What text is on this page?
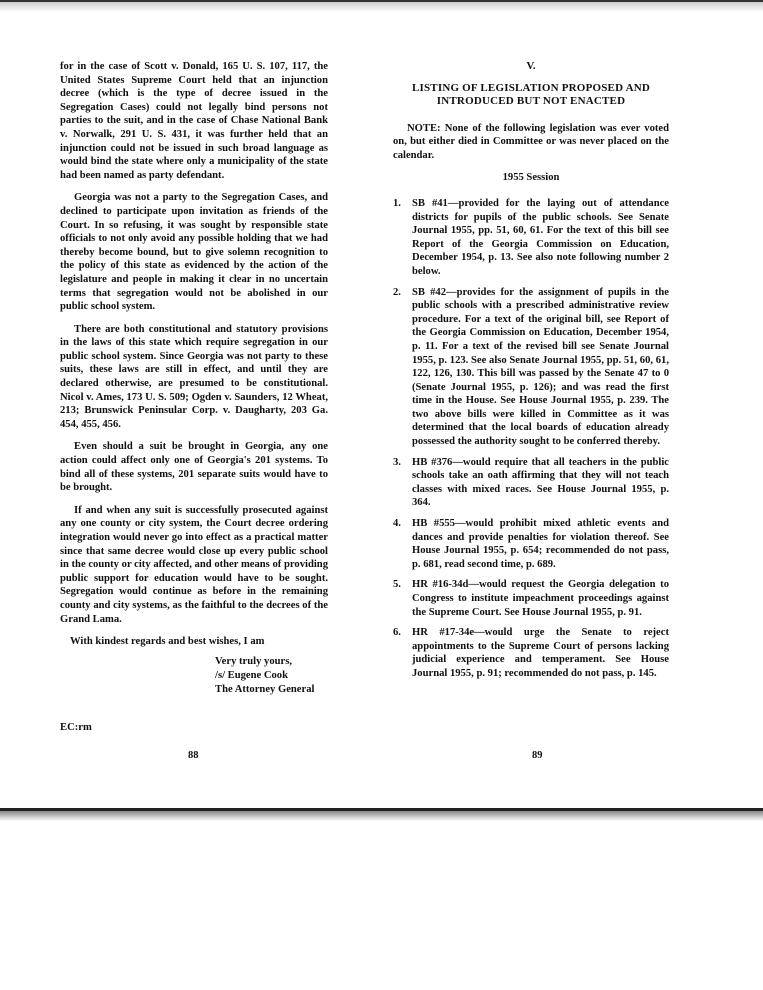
for in the case of Scott v. Donald, 165 U. S. 107, 117, the United States Supreme Court held that an injunction decree (which is the type of decree issued in the Segregation Cases) could not legally bind persons not parties to the suit, and in the case of Chase National Bank v. Norwalk, 291 U. S. 431, it was further held that an injunction could not be issued in such broad language as would bind the state where only a municipality of the state had been named as party defendant.

Georgia was not a party to the Segregation Cases, and declined to participate upon invitation as friends of the Court. In so refusing, it was sought by responsible state officials to not only avoid any possible holding that we had thereby become bound, but to give solemn recognition to the policy of this state as evidenced by the action of the legislature and people in making it clear in no uncertain terms that segregation would not be abolished in our public school system.

There are both constitutional and statutory provisions in the laws of this state which require segregation in our public school system. Since Georgia was not party to these suits, these laws are still in effect, and until they are declared otherwise, are presumed to be constitutional. Nicol v. Ames, 173 U. S. 509; Ogden v. Saunders, 12 Wheat, 213; Brunswick Peninsular Corp. v. Daugharty, 203 Ga. 454, 455, 456.

Even should a suit be brought in Georgia, any one action could affect only one of Georgia's 201 systems. To bind all of these systems, 201 separate suits would have to be brought.

If and when any suit is successfully prosecuted against any one county or city system, the Court decree ordering integration would never go into effect as a practical matter since that same decree would close up every public school in the county or city affected, and other means of providing public support for education would have to be sought. Segregation would continue as before in the remaining county and city systems, as the faithful to the decrees of the Grand Lama.

With kindest regards and best wishes, I am
Very truly yours,
/s/ Eugene Cook
The Attorney General
EC:rm
88
V.
LISTING OF LEGISLATION PROPOSED AND
INTRODUCED BUT NOT ENACTED

NOTE: None of the following legislation was ever voted on, but either died in Committee or was never placed on the calendar.

1955 Session
1. SB #41—provided for the laying out of attendance districts for pupils of the public schools. See Senate Journal 1955, pp. 51, 60, 61. For the text of this bill see Report of the Georgia Commission on Education, December 1954, p. 13. See also note following number 2 below.
2. SB #42—provides for the assignment of pupils in the public schools with a prescribed administrative review procedure. For a text of the original bill, see Report of the Georgia Commission on Education, December 1954, p. 11. For a text of the revised bill see Senate Journal 1955, p. 123. See also Senate Journal 1955, pp. 51, 60, 61, 122, 126, 130. This bill was passed by the Senate 47 to 0 (Senate Journal 1955, p. 126); and was read the first time in the House. See House Journal 1955, p. 239. The two above bills were killed in Committee as it was determined that the local boards of education already possessed the authority sought to be conferred thereby.
3. HB #376—would require that all teachers in the public schools take an oath affirming that they will not teach classes with mixed races. See House Journal 1955, p. 364.
4. HB #555—would prohibit mixed athletic events and dances and provide penalties for violation thereof. See House Journal 1955, p. 654; recommended do not pass, p. 681, read second time, p. 689.
5. HR #16-34d—would request the Georgia delegation to Congress to institute impeachment proceedings against the Supreme Court. See House Journal 1955, p. 91.
6. HR #17-34e—would urge the Senate to reject appointments to the Supreme Court of persons lacking judicial experience and temperament. See House Journal 1955, p. 91; recommended do not pass, p. 145.
89
